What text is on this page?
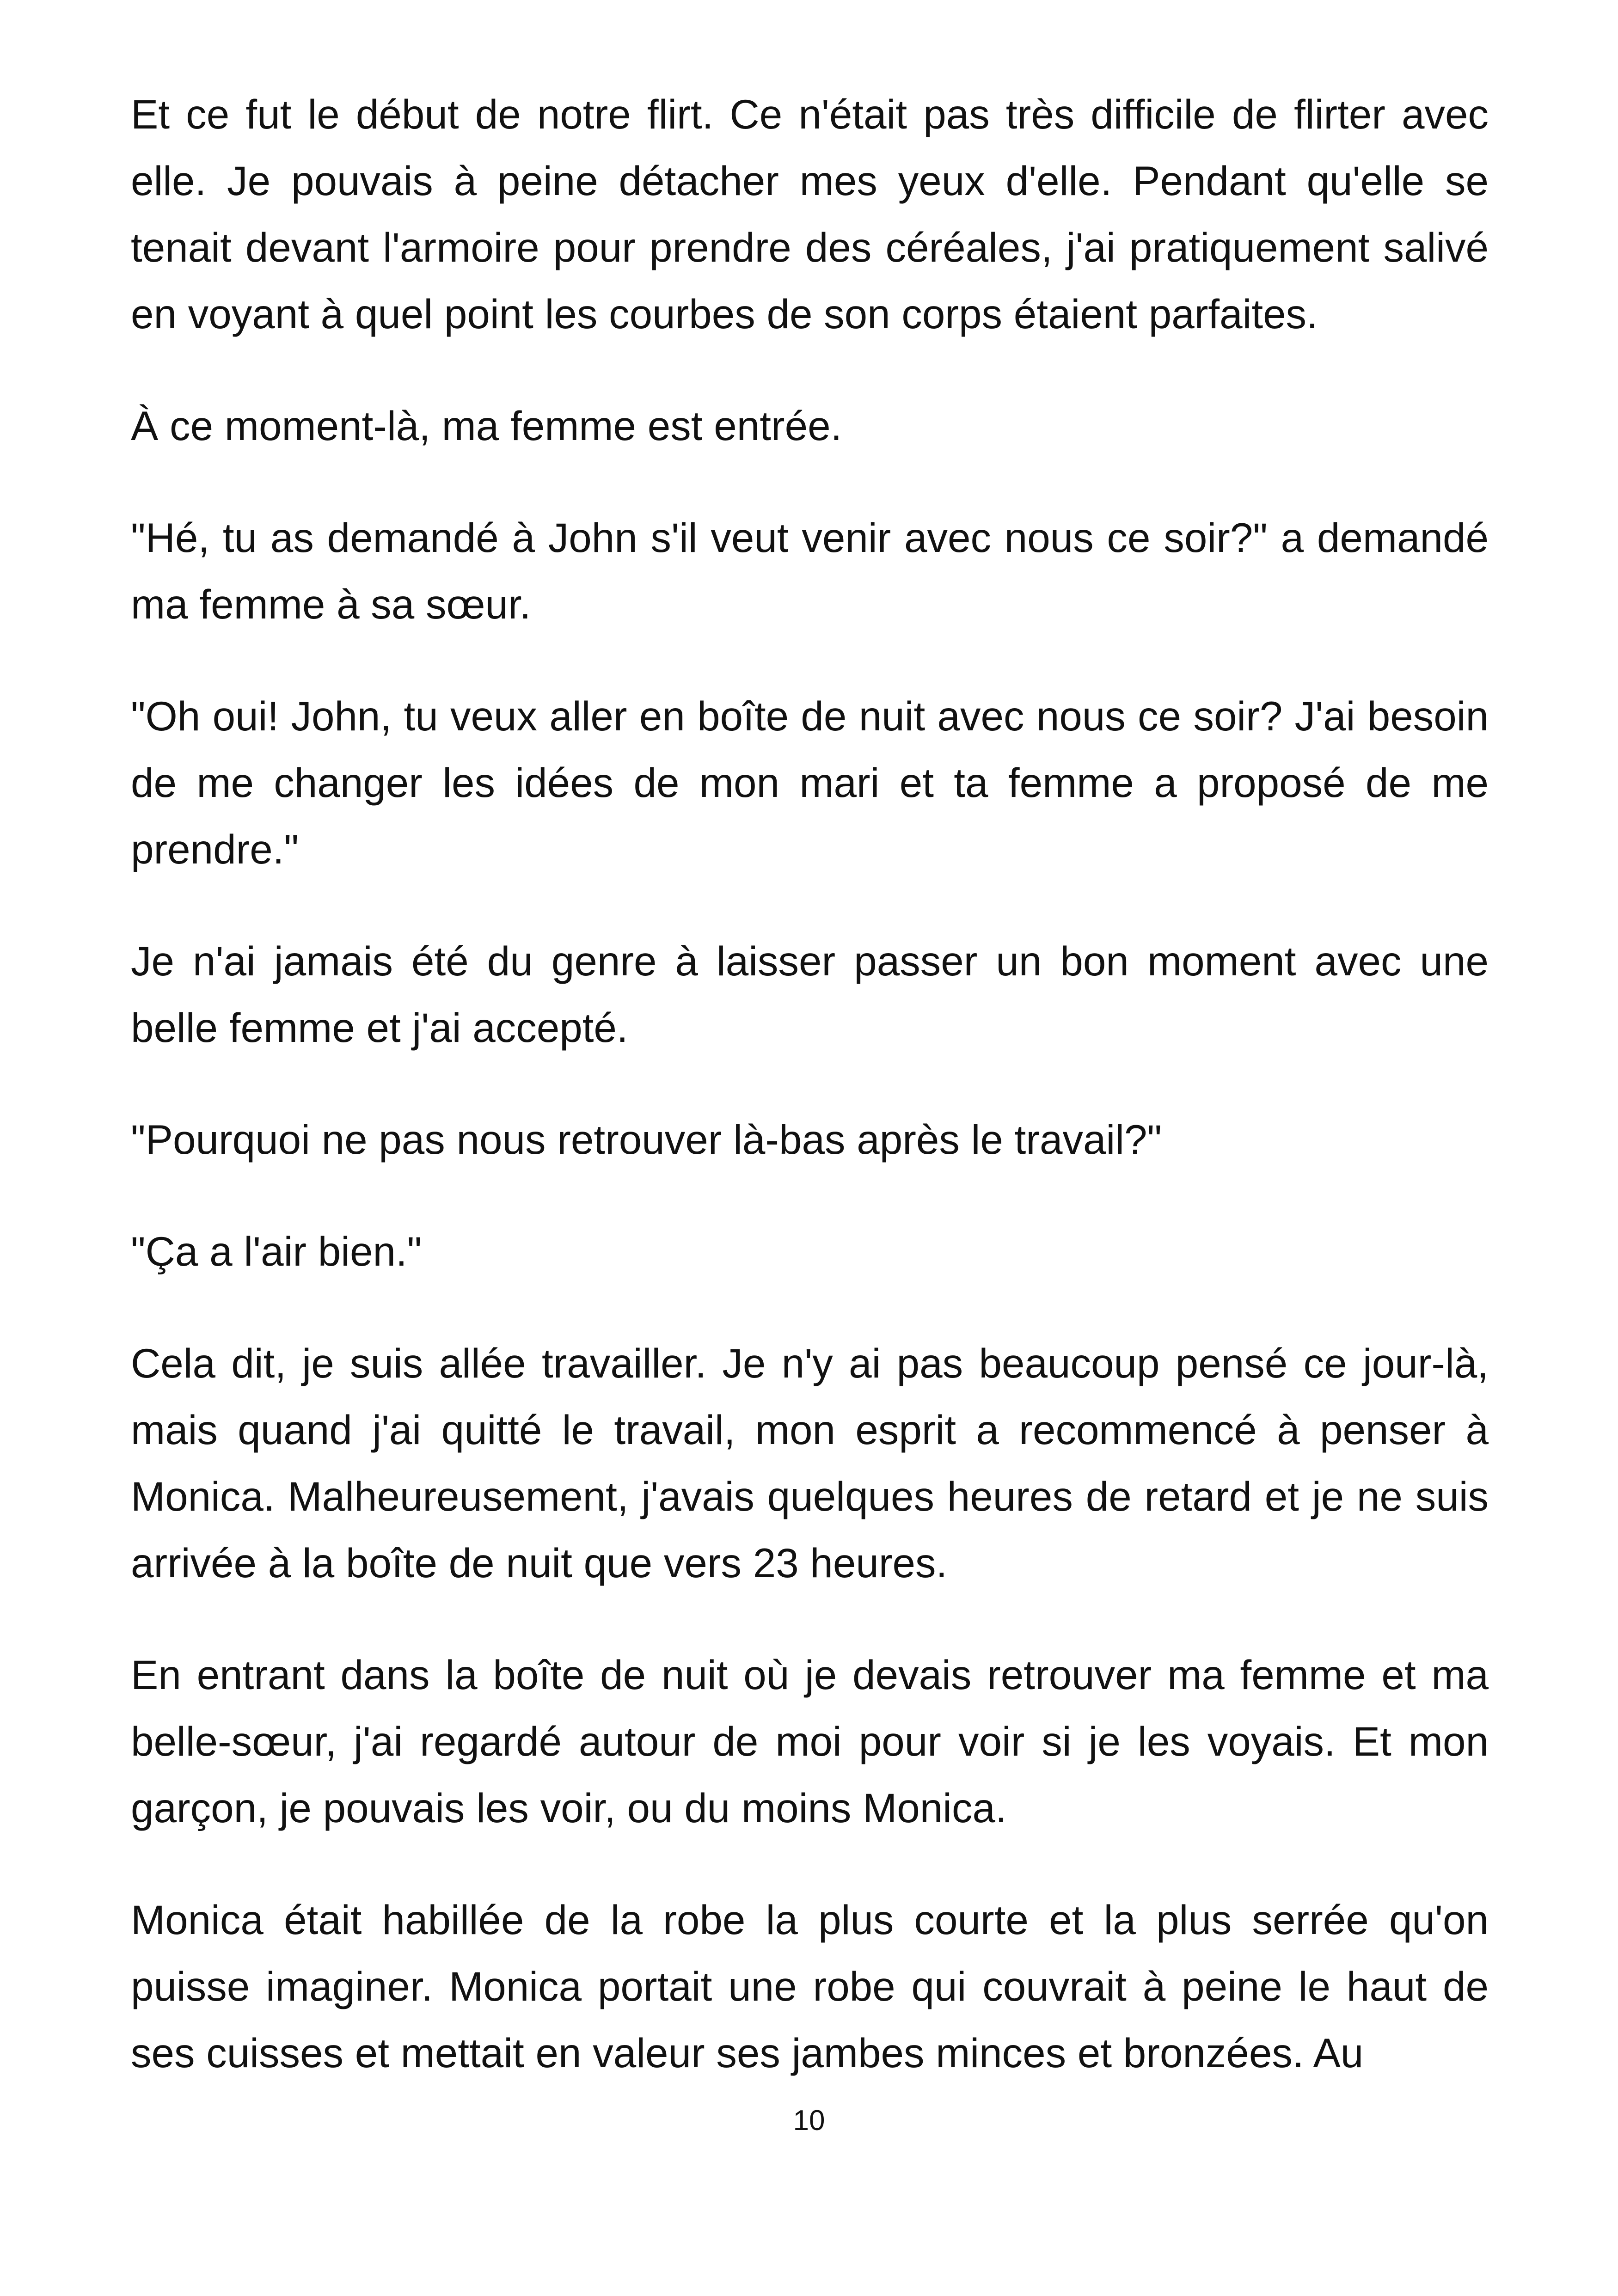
Et ce fut le début de notre flirt. Ce n'était pas très difficile de flirter avec elle. Je pouvais à peine détacher mes yeux d'elle. Pendant qu'elle se tenait devant l'armoire pour prendre des céréales, j'ai pratiquement salivé en voyant à quel point les courbes de son corps étaient parfaites.

À ce moment-là, ma femme est entrée.

"Hé, tu as demandé à John s'il veut venir avec nous ce soir?" a demandé ma femme à sa sœur.

"Oh oui! John, tu veux aller en boîte de nuit avec nous ce soir? J'ai besoin de me changer les idées de mon mari et ta femme a proposé de me prendre."

Je n'ai jamais été du genre à laisser passer un bon moment avec une belle femme et j'ai accepté.

"Pourquoi ne pas nous retrouver là-bas après le travail?"

"Ça a l'air bien."

Cela dit, je suis allée travailler. Je n'y ai pas beaucoup pensé ce jour-là, mais quand j'ai quitté le travail, mon esprit a recommencé à penser à Monica. Malheureusement, j'avais quelques heures de retard et je ne suis arrivée à la boîte de nuit que vers 23 heures.

En entrant dans la boîte de nuit où je devais retrouver ma femme et ma belle-sœur, j'ai regardé autour de moi pour voir si je les voyais. Et mon garçon, je pouvais les voir, ou du moins Monica.

Monica était habillée de la robe la plus courte et la plus serrée qu'on puisse imaginer. Monica portait une robe qui couvrait à peine le haut de ses cuisses et mettait en valeur ses jambes minces et bronzées. Au

10
